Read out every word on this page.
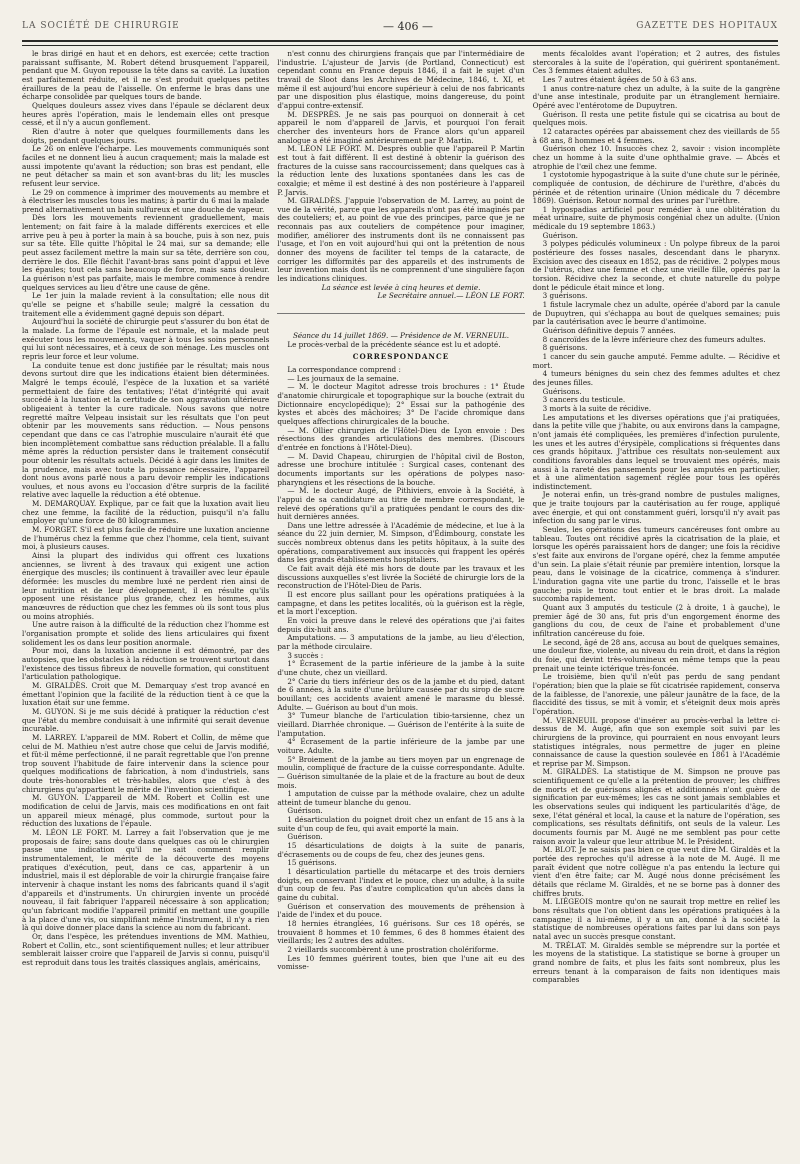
LA SOCIÉTÉ DE CHIRURGIE	— 406 —	GAZETTE DES HOPITAUX

le bras dirigé en haut et en dehors, est exercée; cette traction paraissant suffisante, M. Robert détend brusquement l'appareil, pendant que M. Guyon repousse la tête dans sa cavité. La luxation est parfaitement réduite, et il ne s'est produit quelques petites éraillures de la peau de l'aisselle. On enferme le bras dans une écharpe consolidée par quelques tours de bande.

Quelques douleurs assez vives dans l'épaule se déclarent deux heures après l'opération, mais le lendemain elles ont presque cessé, et il n'y a aucun gonflement.

Rien d'autre à noter que quelques fourmillements dans les doigts, pendant quelques jours.

Le 26 on enlève l'écharpe. Les mouvements communiqués sont faciles et ne donnent lieu à aucun craquement; mais la malade est aussi impotente qu'avant la réduction; son bras est pendant, elle ne peut détacher sa main et son avant-bras du lit; les muscles refusent leur service.

Le 29 on commence à imprimer des mouvements au membre et à électriser les muscles tous les matins; à partir du 6 mai la malade prend alternativement un bain sulfureux et une douche de vapeur.

Dès lors les mouvements reviennent graduellement, mais lentement; on fait faire à la malade différents exercices et elle arrive peu à peu à porter la main à sa bouche, puis à son nez, puis sur sa tête. Elle quitte l'hôpital le 24 mai, sur sa demande; elle peut assez facilement mettre la main sur sa tête, derrière son cou, derrière le dos. Elle fléchit l'avant-bras sans point d'appui et lève les épaules; tout cela sans beaucoup de force, mais sans douleur. La guérison n'est pas parfaite, mais le membre commence à rendre quelques services au lieu d'être une cause de gêne.

Le 1er juin la malade revient à la consultation; elle nous dit qu'elle se peigne et s'habille seule; malgré la cessation du traitement elle a évidemment gagné depuis son départ.

Aujourd'hui la société de chirurgie peut s'assurer du bon état de la malade. La forme de l'épaule est normale, et la malade peut exécuter tous les mouvements, vaquer à tous les soins personnels qui lui sont nécessaires, et à ceux de son ménage. Les muscles ont repris leur force et leur volume.

La conduite tenue est donc justifiée par le résultat; mais nous devons surtout dire que les indications étaient bien déterminées. Malgré le temps écoulé, l'espèce de la luxation et sa variété permettaient de faire des tentatives; l'état d'intégrité qui avait succédé à la luxation et la certitude de son aggravation ultérieure obligeaient à tenter la cure radicale. Nous savons que notre regretté maître Velpeau insistait sur les résultats que l'on peut obtenir par les mouvements sans réduction. — Nous pensons cependant que dans ce cas l'atrophie musculaire n'aurait été que bien incomplètement combattue sans réduction préalable. Il a fallu même après la réduction persister dans le traitement consécutif pour obtenir les résultats actuels. Décidé à agir dans les limites de la prudence, mais avec toute la puissance nécessaire, l'appareil dont nous avons parlé nous a paru devoir remplir les indications voulues, et nous avons eu l'occasion d'être surpris de la facilité relative avec laquelle la réduction a été obtenue.

M. DEMARQUAY. Explique, par ce fait que la luxation avait lieu chez une femme, la facilité de la réduction, puisqu'il n'a fallu employer qu'une force de 80 kilogrammes.

M. FORGET. S'il est plus facile de réduire une luxation ancienne de l'humérus chez la femme que chez l'homme, cela tient, suivant moi, à plusieurs causes.

Ainsi la plupart des individus qui offrent ces luxations anciennes, se livrent à des travaux qui exigent une action énergique des muscles; ils continuent à travailler avec leur épaule déformée: les muscles du membre luxé ne perdent rien ainsi de leur nutrition et de leur développement, il en résulte qu'ils opposent une résistance plus grande, chez les hommes, aux manœuvres de réduction que chez les femmes où ils sont tous plus ou moins atrophiés.

Une autre raison à la difficulté de la réduction chez l'homme est l'organisation prompte et solide des liens articulaires qui fixent solidement les os dans leur position anormale.

Pour moi, dans la luxation ancienne il est démontré, par des autopsies, que les obstacles à la réduction se trouvent surtout dans l'existence des tissus fibreux de nouvelle formation, qui constituent l'articulation pathologique.

M. GIRALDÈS. Croit que M. Demarquay s'est trop avancé en émettant l'opinion que la facilité de la réduction tient à ce que la luxation était sur une femme.

M. GUYON. Si je me suis décidé à pratiquer la réduction c'est que l'état du membre conduisait à une infirmité qui serait devenue incurable.

M. LARREY. L'appareil de MM. Robert et Collin, de même que celui de M. Mathieu n'est autre chose que celui de Jarvis modifié, et fût-il même perfectionné, il ne paraît regrettable que l'on prenne trop souvent l'habitude de faire intervenir dans la science pour quelques modifications de fabrication, à nom d'industriels, sans doute très-honorables et très-habiles, alors que c'est à des chirurgiens qu'appartient le mérite de l'invention scientifique.

M. GUYON. L'appareil de MM. Robert et Collin est une modification de celui de Jarvis, mais ces modifications en ont fait un appareil mieux ménagé, plus commode, surtout pour la réduction des luxations de l'épaule.

M. LÉON LE FORT. M. Larrey a fait l'observation que je me proposais de faire; sans doute dans quelques cas où le chirurgien passe une indication qu'il ne sait comment remplir instrumentalement, le mérite de la découverte des moyens pratiques d'exécution, peut, dans ce cas, appartenir à un industriel, mais il est déplorable de voir la chirurgie française faire intervenir à chaque instant les noms des fabricants quand il s'agit d'appareils et d'instruments. Un chirurgien invente un procédé nouveau, il fait fabriquer l'appareil nécessaire à son application; qu'un fabricant modifie l'appareil primitif en mettant une goupille à la place d'une vis, ou simplifiant même l'instrument, il n'y a rien là qui doive donner place dans la science au nom du fabricant.

Or, dans l'espèce, les prétendues inventions de MM. Mathieu, Robert et Collin, etc., sont scientifiquement nulles; et leur attribuer semblerait laisser croire que l'appareil de Jarvis si connu, puisqu'il est reproduit dans tous les traités classiques anglais, américains,

n'est connu des chirurgiens français que par l'intermédiaire de l'industrie. L'ajusteur de Jarvis (de Portland, Connecticut) est cependant connu en France depuis 1846, il a fait le sujet d'un travail de Sloot dans les Archives de Médecine, 1846, t. XI, et même il est aujourd'hui encore supérieur à celui de nos fabricants par une disposition plus élastique, moins dangereuse, du point d'appui contre-extensif.

M. DESPRÈS. Je ne sais pas pourquoi on donnerait à cet appareil le nom d'appareil de Jarvis, et pourquoi l'on ferait chercher des inventeurs hors de France alors qu'un appareil analogue a été imaginé antérieurement par P. Martin.

M. LÉON LE FORT. M. Desprès oublie que l'appareil P. Martin est tout à fait différent. Il est destiné à obtenir la guérison des fractures de la cuisse sans raccourcissement; dans quelques cas à la réduction lente des luxations spontanées dans les cas de coxalgie; et même il est destiné à des non postérieure à l'appareil P. Jarvis.

M. GIRALDÈS. J'appuie l'observation de M. Larrey, au point de vue de la vérité, parce que les appareils n'ont pas été imaginés par des couteliers; et, au point de vue des principes, parce que je ne reconnais pas aux couteliers de compétence pour imaginer, modifier, améliorer des instruments dont ils ne connaissent pas l'usage, et l'on en voit aujourd'hui qui ont la prétention de nous donner des moyens de faciliter tel temps de la cataracte, de corriger les difformités par des appareils et des instruments de leur invention mais dont ils ne comprennent d'une singulière façon les indications cliniques.

La séance est levée à cinq heures et demie.

Le Secrétaire annuel.— LÉON LE FORT.

Séance du 14 juillet 1869. — Présidence de M. VERNEUIL.

Le procès-verbal de la précédente séance est lu et adopté.

CORRESPONDANCE

La correspondance comprend :

— Les journaux de la semaine.

— M. le docteur Magitot adresse trois brochures : 1° Étude d'anatomie chirurgicale et topographique sur la bouche (extrait du Dictionnaire encyclopédique); 2° Essai sur la pathogénie des kystes et abcès des mâchoires; 3° De l'acide chromique dans quelques affections chirurgicales de la bouche.

— M. Ollier chirurgien de l'Hôtel-Dieu de Lyon envoie : Des résections des grandes articulations des membres. (Discours d'entrée en fonctions à l'Hôtel-Dieu).

— M. David Chapeau, chirurgien de l'hôpital civil de Boston, adresse une brochure intitulée : Surgical cases, contenant des documents importants sur les opérations de polypes naso-pharyngiens et les résections de la bouche.

— M. le docteur Augé, de Pithiviers, envoie à la Société, à l'appui de sa candidature au titre de membre correspondant, le relevé des opérations qu'il a pratiquées pendant le cours des dix-huit dernières années.

Dans une lettre adressée à l'Académie de médecine, et lue à la séance du 22 juin dernier, M. Simpson, d'Édimbourg, constate les succès nombreux obtenus dans les petits hôpitaux, à la suite des opérations, comparativement aux insuccès qui frappent les opérés dans les grands établissements hospitaliers.

Ce fait avait déjà été mis hors de doute par les travaux et les discussions auxquelles s'est livrée la Société de chirurgie lors de la reconstruction de l'Hôtel-Dieu de Paris.

Il est encore plus saillant pour les opérations pratiquées à la campagne, et dans les petites localités, où la guérison est la règle, et la mort l'exception.

En voici la preuve dans le relevé des opérations que j'ai faites depuis dix-huit ans.

Amputations. — 3 amputations de la jambe, au lieu d'élection, par la méthode circulaire.

3 succès :

1° Écrasement de la partie inférieure de la jambe à la suite d'une chute, chez un vieillard.

2° Carie du tiers inférieur des os de la jambe et du pied, datant de 6 années, à la suite d'une brûlure causée par du sirop de sucre bouillant; ces accidents avaient amené le marasme du blessé. Adulte. — Guérison au bout d'un mois.

3° Tumeur blanche de l'articulation tibio-tarsienne, chez un vieillard. Diarrhée chronique. — Guérison de l'entérite à la suite de l'amputation.

4° Écrasement de la partie inférieure de la jambe par une voiture. Adulte.

5° Broiement de la jambe au tiers moyen par un engrenage de moulin, compliqué de fracture de la cuisse correspondante. Adulte. — Guérison simultanée de la plaie et de la fracture au bout de deux mois.

1 amputation de cuisse par la méthode ovalaire, chez un adulte atteint de tumeur blanche du genou.

Guérison.

1 désarticulation du poignet droit chez un enfant de 15 ans à la suite d'un coup de feu, qui avait emporté la main.

Guérison.

15 désarticulations de doigts à la suite de panaris, d'écrasements ou de coups de feu, chez des jeunes gens.

15 guérisons.

1 désarticulation partielle du métacarpe et des trois derniers doigts, en conservant l'index et le pouce, chez un adulte, à la suite d'un coup de feu. Pas d'autre complication qu'un abcès dans la gaine du cubital.

Guérison et conservation des mouvements de préhension à l'aide de l'index et du pouce.

18 hernies étranglées, 16 guérisons. Sur ces 18 opérés, se trouvaient 8 hommes et 10 femmes, 6 des 8 hommes étaient des vieillards; les 2 autres des adultes.

2 vieillards succombèrent à une prostration cholériforme.

Les 10 femmes guérirent toutes, bien que l'une ait eu des vomisse-

ments fécaloïdes avant l'opération; et 2 autres, des fistules stercorales à la suite de l'opération, qui guérirent spontanément. Ces 3 femmes étaient adultes.

Les 7 autres étaient âgées de 50 à 63 ans.

1 anus contre-nature chez un adulte, à la suite de la gangrène d'une anse intestinale, produite par un étranglement herniaire. Opéré avec l'entérotome de Dupuytren.

Guérison. Il resta une petite fistule qui se cicatrisa au bout de quelques mois.

12 cataractes opérées par abaissement chez des vieillards de 55 à 68 ans, 8 hommes et 4 femmes.

Guérison chez 10. Insuccès chez 2, savoir : vision incomplète chez un homme à la suite d'une ophthalmie grave. — Abcès et atrophie de l'œil chez une femme.

1 cystotomie hypogastrique à la suite d'une chute sur le périnée, compliquée de contusion, de déchirure de l'urèthre, d'abcès du périnée et de rétention urinaire (Union médicale du 7 décembre 1869). Guérison. Retour normal des urines par l'urèthre.

1 hypospadias artificiel pour remédier à une oblitération du méat urinaire, suite de phymosis congénial chez un adulte. (Union médicale du 19 septembre 1863.)

Guérison.

3 polypes pédiculés volumineux : Un polype fibreux de la paroi postérieure des fosses nasales, descendant dans le pharynx. Excision avec des ciseaux en 1852, pas de récidive. 2 polypes mous de l'utérus, chez une femme et chez une vieille fille, opérés par la torsion. Récidive chez la seconde, et chute naturelle du polype dont le pédicule était mince et long.

3 guérisons.

1 fistule lacrymale chez un adulte, opérée d'abord par la canule de Dupuytren, qui s'échappa au bout de quelques semaines; puis par la cautérisation avec le beurre d'antimoine.

Guérison définitive depuis 7 années.

8 cancroïdes de la lèvre inférieure chez des fumeurs adultes.

8 guérisons.

1 cancer du sein gauche amputé. Femme adulte. — Récidive et mort.

4 tumeurs bénignes du sein chez des femmes adultes et chez des jeunes filles.

Guérisons.

3 cancers du testicule.

3 morts à la suite de récidive.

Les amputations et les diverses opérations que j'ai pratiquées, dans la petite ville que j'habite, ou aux environs dans la campagne, n'ont jamais été compliquées, les premières d'infection purulente, les unes et les autres d'érysipèle, complications si fréquentes dans ces grands hôpitaux. J'attribue ces résultats non-seulement aux conditions favorables dans lequel se trouvaient mes opérés, mais aussi à la rareté des pansements pour les amputés en particulier, et à une alimentation sagement réglée pour tous les opérés indistinctement.

Je noterai enfin, un très-grand nombre de pustules malignes, que je traite toujours par la cautérisation au fer rouge, appliqué avec énergie, et qui ont constamment guéri, lorsqu'il n'y avait pas infection du sang par le virus.

Seules, les opérations des tumeurs cancéreuses font ombre au tableau. Toutes ont récidivé après la cicatrisation de la plaie, et lorsque les opérés paraissaient hors de danger; une fois la récidive s'est faite aux environs de l'organe opéré, chez la femme amputée d'un sein. La plaie s'était réunie par première intention, lorsque la peau, dans le voisinage de la cicatrice, commença à s'indurer. L'induration gagna vite une partie du tronc, l'aisselle et le bras gauche; puis le tronc tout entier et le bras droit. La malade succomba rapidement.

Quant aux 3 amputés du testicule (2 à droite, 1 à gauche), le premier âgé de 30 ans, fut pris d'un engorgement énorme des ganglions du cou, de ceux de l'aine et probablement d'une infiltration cancéreuse du foie.

Le second, âgé de 28 ans, accusa au bout de quelques semaines, une douleur fixe, violente, au niveau du rein droit, et dans la région du foie, qui devint très-volumineux en même temps que la peau prenait une teinte ictérique très-foncée.

Le troisième, bien qu'il n'eût pas perdu de sang pendant l'opération; bien que la plaie se fût cicatrisée rapidement, conserva de la faiblesse, de l'anorexie, une pâleur jaunâtre de la face, de la flaccidité des tissus, se mit à vomir, et s'éteignit deux mois après l'opération.

M. VERNEUIL propose d'insérer au procès-verbal la lettre ci-dessus de M. Augé, afin que son exemple soit suivi par les chirurgiens de la province, qui pourraient en nous envoyant leurs statistiques intégrales, nous permettre de juger en pleine connaissance de cause la question soulevée en 1861 à l'Académie et reprise par M. Simpson.

M. GIRALDÈS. La statistique de M. Simpson ne prouve pas scientifiquement ce qu'elle a la prétention de prouver; les chiffres de morts et de guérisons alignés et additionnés n'ont guère de signification par eux-mêmes; les cas ne sont jamais semblables et les observations seules qui indiquent les particularités d'âge, de sexe, l'état général et local, la cause et la nature de l'opération, ses complications, ses résultats définitifs, ont seuls de la valeur. Les documents fournis par M. Augé ne me semblent pas pour cette raison avoir la valeur que leur attribue M. le Président.

M. BLOT. Je ne saisis pas bien ce que veut dire M. Giraldès et la portée des reproches qu'il adresse à la note de M. Augé. Il me paraît évident que notre collègue n'a pas entendu la lecture qui vient d'en être faite; car M. Augé nous donne précisément les détails que réclame M. Giraldès, et ne se borne pas à donner des chiffres bruts.

M. LIÉGEOIS montre qu'on ne saurait trop mettre en relief les bons résultats que l'on obtient dans les opérations pratiquées à la campagne; il a lui-même, il y a un an, donné à la société la statistique de nombreuses opérations faites par lui dans son pays natal avec un succès presque constant.

M. TRÉLAT. M. Giraldès semble se méprendre sur la portée et les moyens de la statistique. La statistique se borne à grouper un grand nombre de faits, et plus les faits sont nombreux, plus les erreurs tenant à la comparaison de faits non identiques mais comparables
